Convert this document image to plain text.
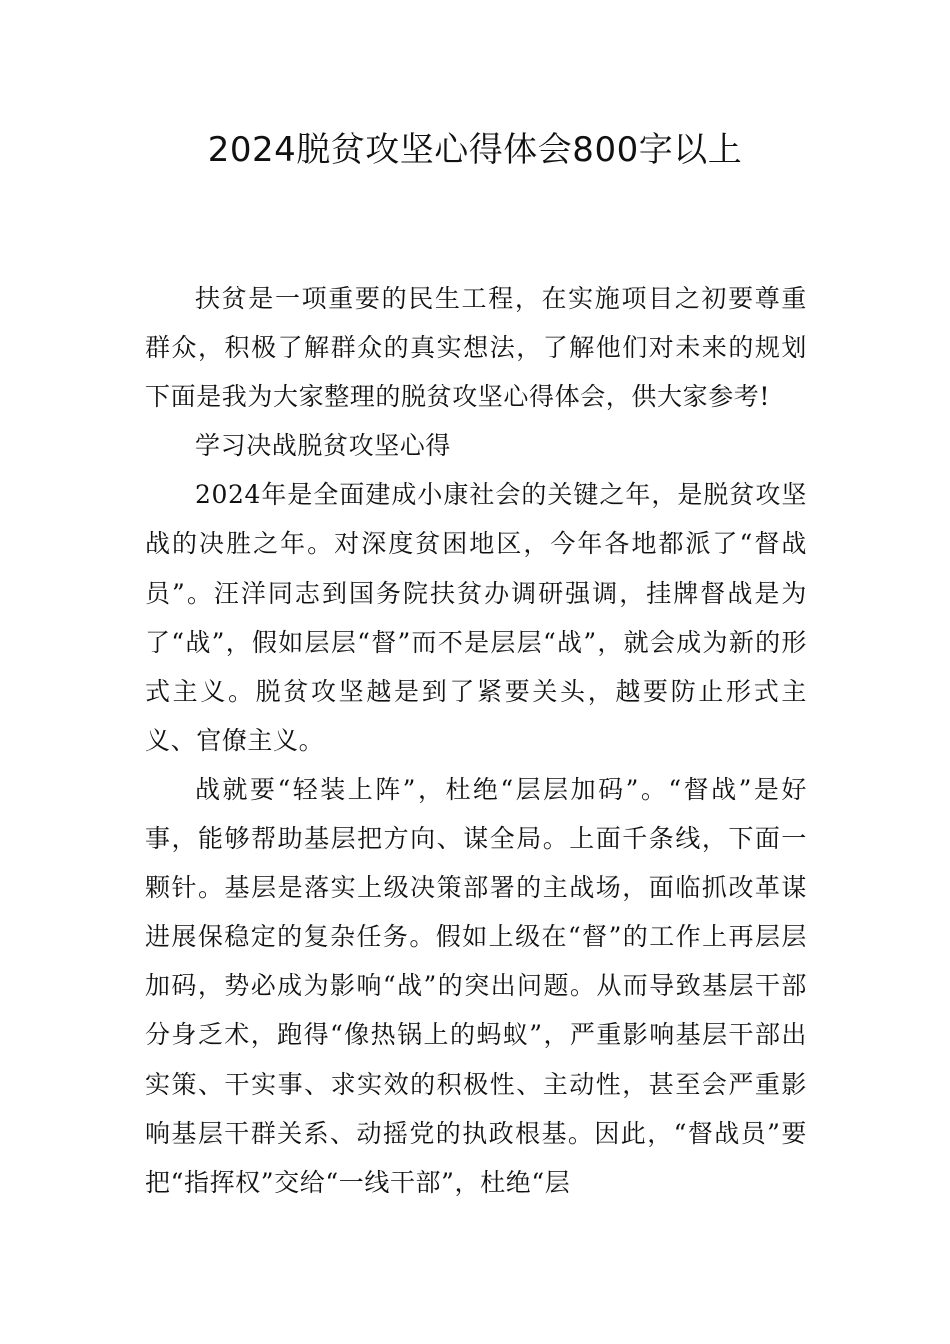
2024脱贫攻坚心得体会800字以上

扶贫是一项重要的民生工程，在实施项目之初要尊重群众，积极了解群众的真实想法，了解他们对未来的规划下面是我为大家整理的脱贫攻坚心得体会，供大家参考!

学习决战脱贫攻坚心得

2024年是全面建成小康社会的关键之年，是脱贫攻坚战的决胜之年。对深度贫困地区，今年各地都派了“督战员”。汪洋同志到国务院扶贫办调研强调，挂牌督战是为了“战”，假如层层“督”而不是层层“战”，就会成为新的形式主义。脱贫攻坚越是到了紧要关头，越要防止形式主义、官僚主义。

战就要“轻装上阵”，杜绝“层层加码”。“督战”是好事，能够帮助基层把方向、谋全局。上面千条线，下面一颗针。基层是落实上级决策部署的主战场，面临抓改革谋进展保稳定的复杂任务。假如上级在“督”的工作上再层层加码，势必成为影响“战”的突出问题。从而导致基层干部分身乏术，跑得“像热锅上的蚂蚁”，严重影响基层干部出实策、干实事、求实效的积极性、主动性，甚至会严重影响基层干群关系、动摇党的执政根基。因此，“督战员”要把“指挥权”交给“一线干部”，杜绝“层
